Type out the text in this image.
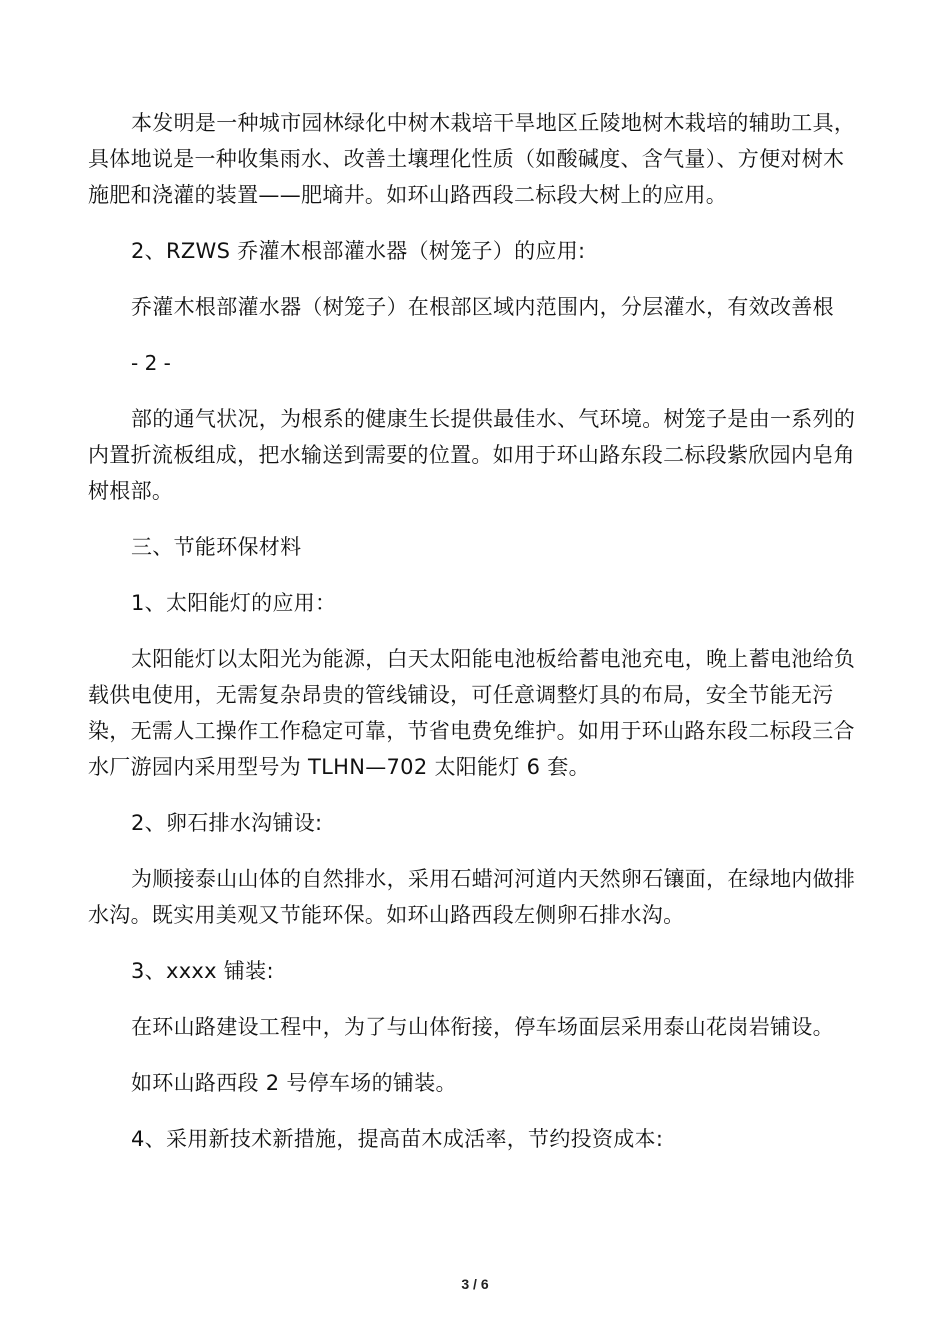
本发明是一种城市园林绿化中树木栽培干旱地区丘陵地树木栽培的辅助工具，具体地说是一种收集雨水、改善土壤理化性质（如酸碱度、含气量）、方便对树木施肥和浇灌的装置——肥墒井。如环山路西段二标段大树上的应用。

2、RZWS 乔灌木根部灌水器（树笼子）的应用:

乔灌木根部灌水器（树笼子）在根部区域内范围内，分层灌水，有效改善根

- 2 -

部的通气状况，为根系的健康生长提供最佳水、气环境。树笼子是由一系列的内置折流板组成，把水输送到需要的位置。如用于环山路东段二标段紫欣园内皂角树根部。

三、节能环保材料

1、太阳能灯的应用：

太阳能灯以太阳光为能源，白天太阳能电池板给蓄电池充电，晚上蓄电池给负载供电使用，无需复杂昂贵的管线铺设，可任意调整灯具的布局，安全节能无污染，无需人工操作工作稳定可靠，节省电费免维护。如用于环山路东段二标段三合水厂游园内采用型号为 TLHN—702 太阳能灯 6 套。

2、卵石排水沟铺设:

为顺接泰山山体的自然排水，采用石蜡河河道内天然卵石镶面，在绿地内做排水沟。既实用美观又节能环保。如环山路西段左侧卵石排水沟。

3、xxxx 铺装:

在环山路建设工程中，为了与山体衔接，停车场面层采用泰山花岗岩铺设。

如环山路西段 2 号停车场的铺装。

4、采用新技术新措施，提高苗木成活率，节约投资成本:

3 / 6
